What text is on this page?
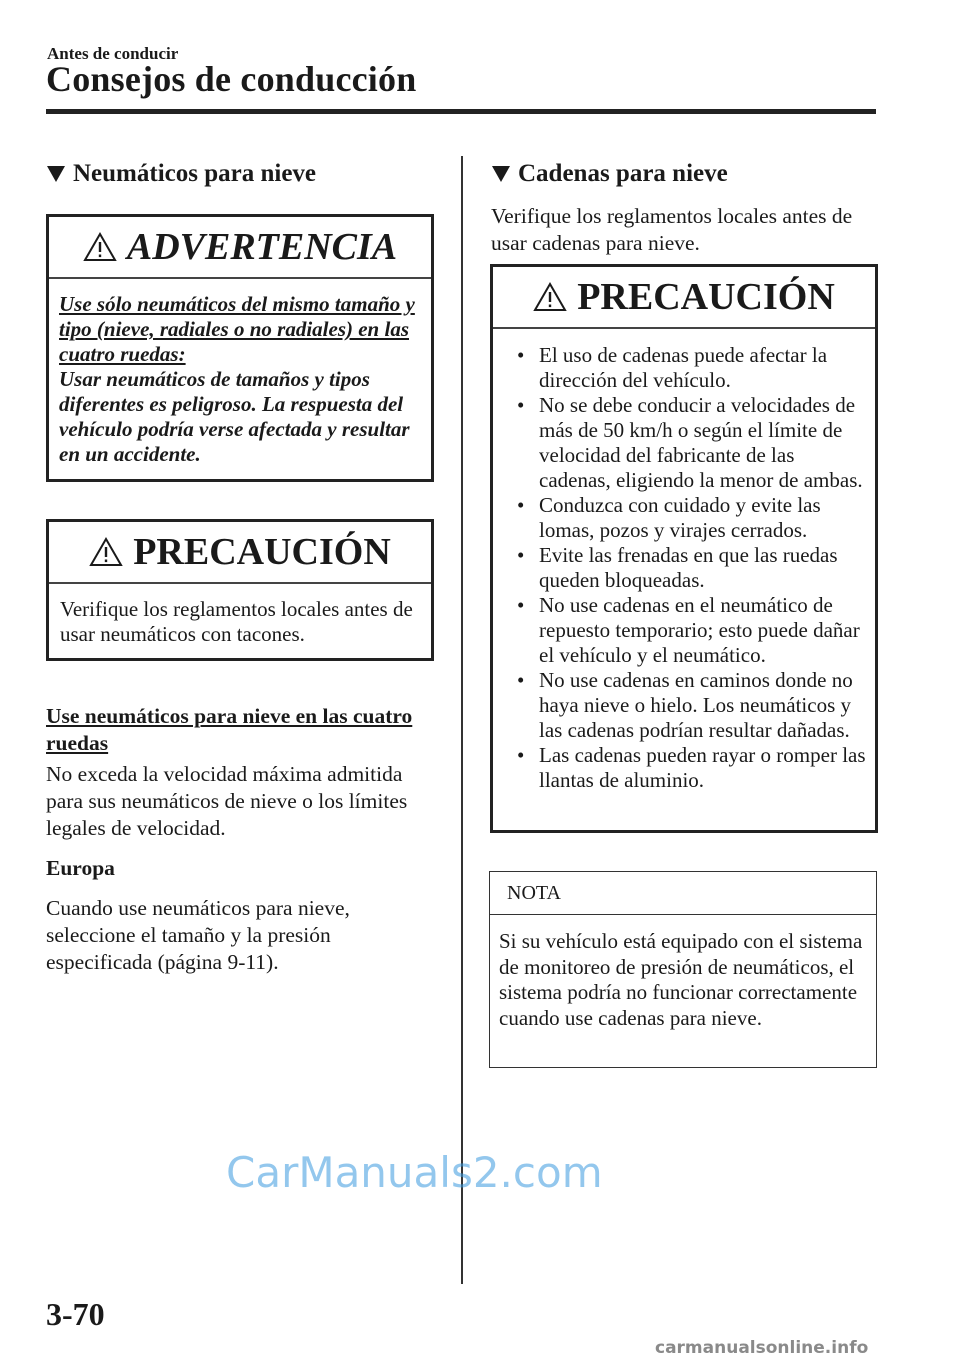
Antes de conducir
Consejos de conducción
Neumáticos para nieve
ADVERTENCIA
Use sólo neumáticos del mismo tamaño y tipo (nieve, radiales o no radiales) en las cuatro ruedas:
Usar neumáticos de tamaños y tipos diferentes es peligroso. La respuesta del vehículo podría verse afectada y resultar en un accidente.
PRECAUCIÓN
Verifique los reglamentos locales antes de usar neumáticos con tacones.
Use neumáticos para nieve en las cuatro ruedas
No exceda la velocidad máxima admitida para sus neumáticos de nieve o los límites legales de velocidad.
Europa
Cuando use neumáticos para nieve, seleccione el tamaño y la presión especificada (página 9-11).
Cadenas para nieve
Verifique los reglamentos locales antes de usar cadenas para nieve.
PRECAUCIÓN
• El uso de cadenas puede afectar la dirección del vehículo.
• No se debe conducir a velocidades de más de 50 km/h o según el límite de velocidad del fabricante de las cadenas, eligiendo la menor de ambas.
• Conduzca con cuidado y evite las lomas, pozos y virajes cerrados.
• Evite las frenadas en que las ruedas queden bloqueadas.
• No use cadenas en el neumático de repuesto temporario; esto puede dañar el vehículo y el neumático.
• No use cadenas en caminos donde no haya nieve o hielo. Los neumáticos y las cadenas podrían resultar dañadas.
• Las cadenas pueden rayar o romper las llantas de aluminio.
NOTA
Si su vehículo está equipado con el sistema de monitoreo de presión de neumáticos, el sistema podría no funcionar correctamente cuando use cadenas para nieve.
CarManuals2.com
3-70
carmanualsonline.info
